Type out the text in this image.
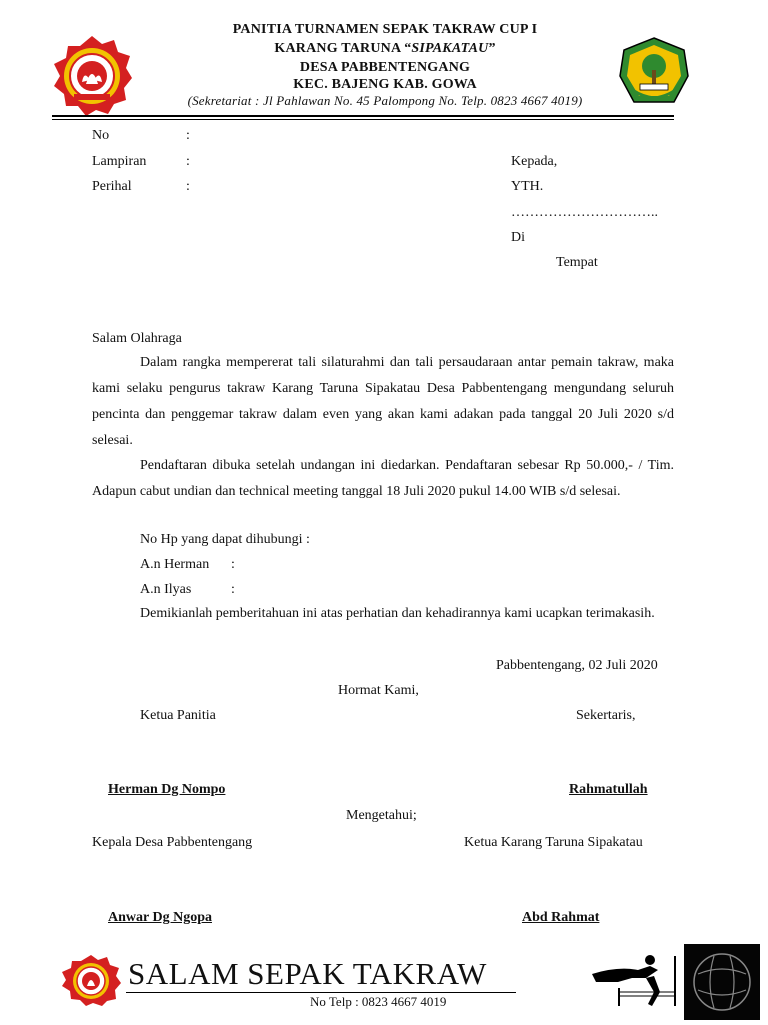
PANITIA TURNAMEN SEPAK TAKRAW CUP I
KARANG TARUNA “SIPAKATAU”
DESA PABBENTENGANG
KEC. BAJENG KAB. GOWA
(Sekretariat : Jl Pahlawan No. 45 Palompong No. Telp. 0823 4667 4019)
No	:
Lampiran	:
Perihal	:
Kepada,
YTH.
…………………………..
Di
Tempat
Salam Olahraga
Dalam rangka mempererat tali silaturahmi dan tali persaudaraan antar pemain takraw, maka kami selaku pengurus takraw Karang Taruna Sipakatau Desa Pabbentengang mengundang seluruh pencinta dan penggemar takraw dalam even yang akan kami adakan pada tanggal 20 Juli 2020 s/d selesai.
Pendaftaran dibuka setelah undangan ini diedarkan. Pendaftaran sebesar Rp 50.000,- / Tim. Adapun cabut undian dan technical meeting tanggal 18 Juli 2020 pukul 14.00 WIB s/d selesai.
No Hp yang dapat dihubungi :
A.n Herman :
A.n Ilyas	:
Demikianlah pemberitahuan ini atas perhatian dan kehadirannya kami ucapkan terimakasih.
Pabbentengang, 02 Juli 2020
Hormat Kami,
Ketua Panitia	Sekertaris,
Herman Dg Nompo	Rahmatullah
Mengetahui;
Kepala Desa Pabbentengang	Ketua Karang Taruna Sipakatau
Anwar Dg Ngopa	Abd Rahmat
SALAM SEPAK TAKRAW
No Telp : 0823 4667 4019
